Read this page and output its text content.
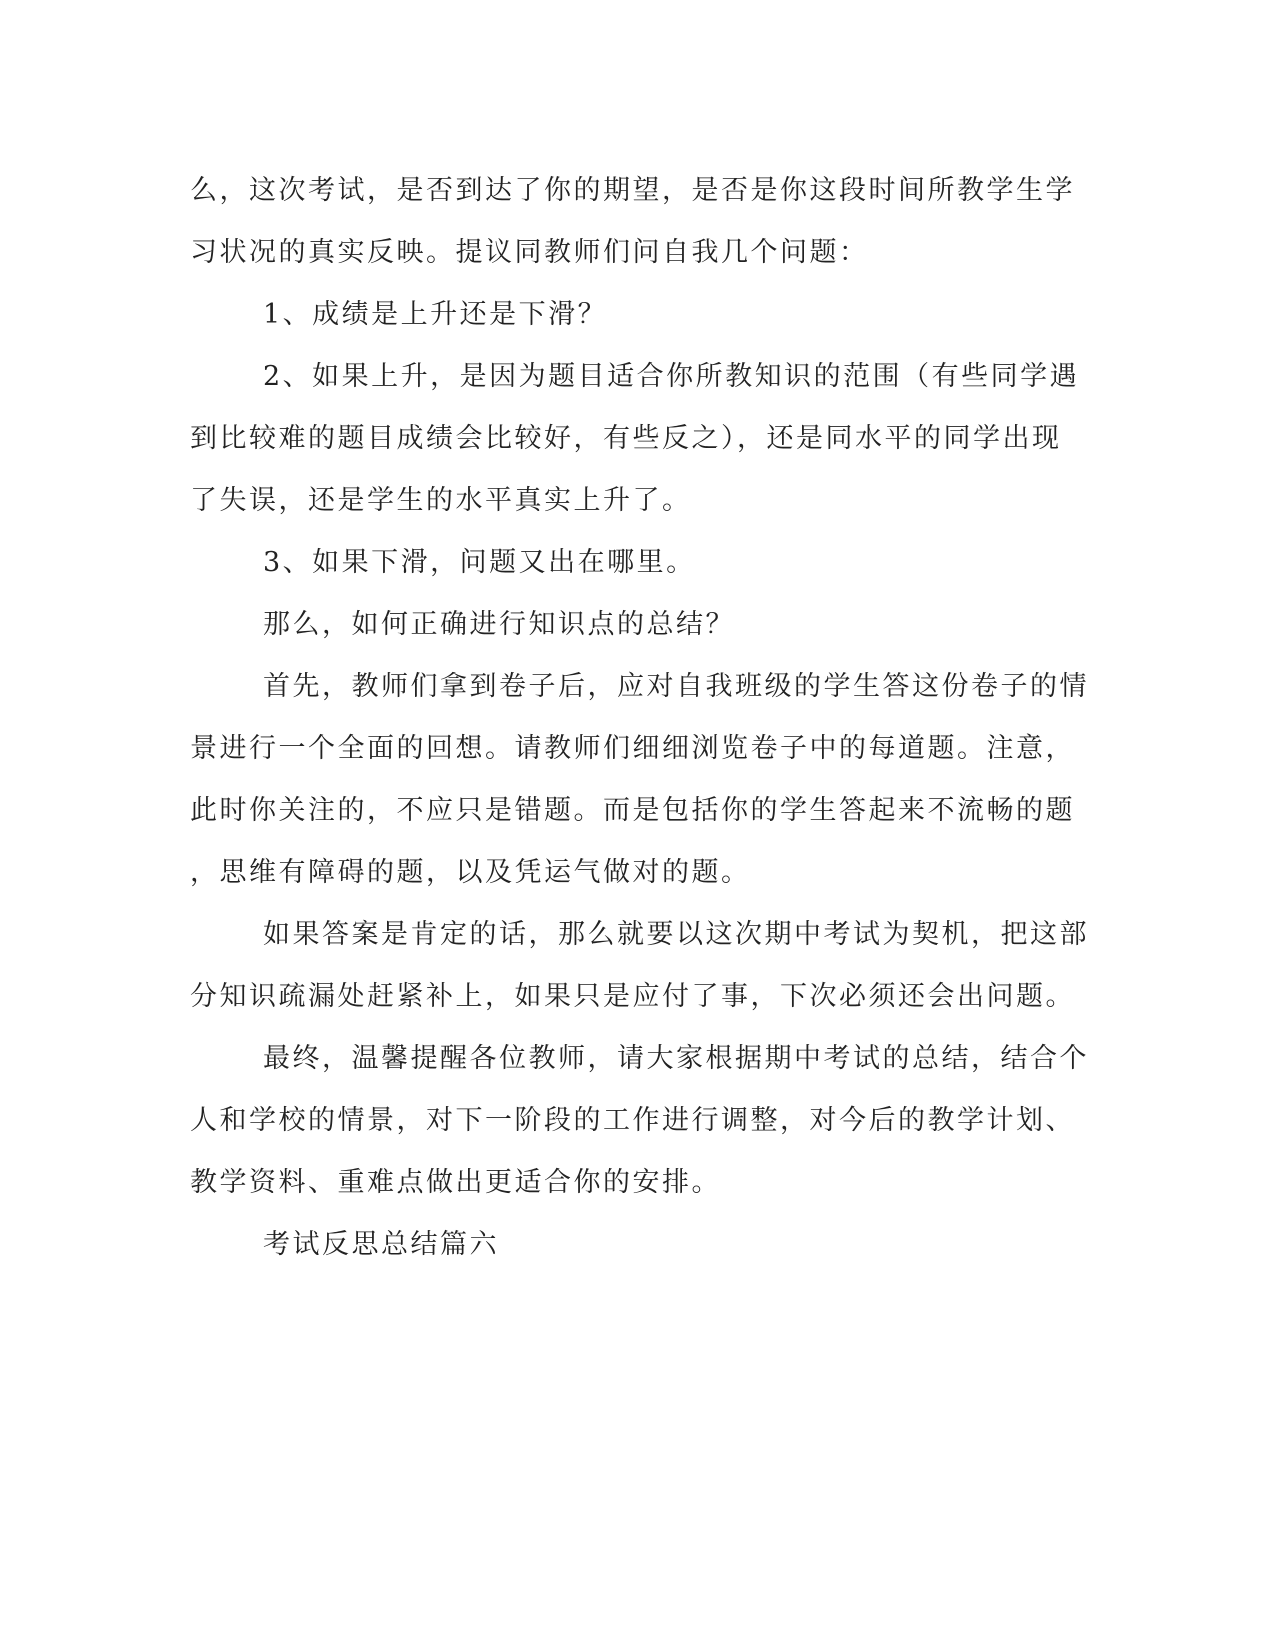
么，这次考试，是否到达了你的期望，是否是你这段时间所教学生学
习状况的真实反映。提议同教师们问自我几个问题：
1、成绩是上升还是下滑？
2、如果上升，是因为题目适合你所教知识的范围（有些同学遇
到比较难的题目成绩会比较好，有些反之），还是同水平的同学出现
了失误，还是学生的水平真实上升了。
3、如果下滑，问题又出在哪里。
那么，如何正确进行知识点的总结？
首先，教师们拿到卷子后，应对自我班级的学生答这份卷子的情
景进行一个全面的回想。请教师们细细浏览卷子中的每道题。注意，
此时你关注的，不应只是错题。而是包括你的学生答起来不流畅的题
，思维有障碍的题，以及凭运气做对的题。
如果答案是肯定的话，那么就要以这次期中考试为契机，把这部
分知识疏漏处赶紧补上，如果只是应付了事，下次必须还会出问题。
最终，温馨提醒各位教师，请大家根据期中考试的总结，结合个
人和学校的情景，对下一阶段的工作进行调整，对今后的教学计划、
教学资料、重难点做出更适合你的安排。
考试反思总结篇六
